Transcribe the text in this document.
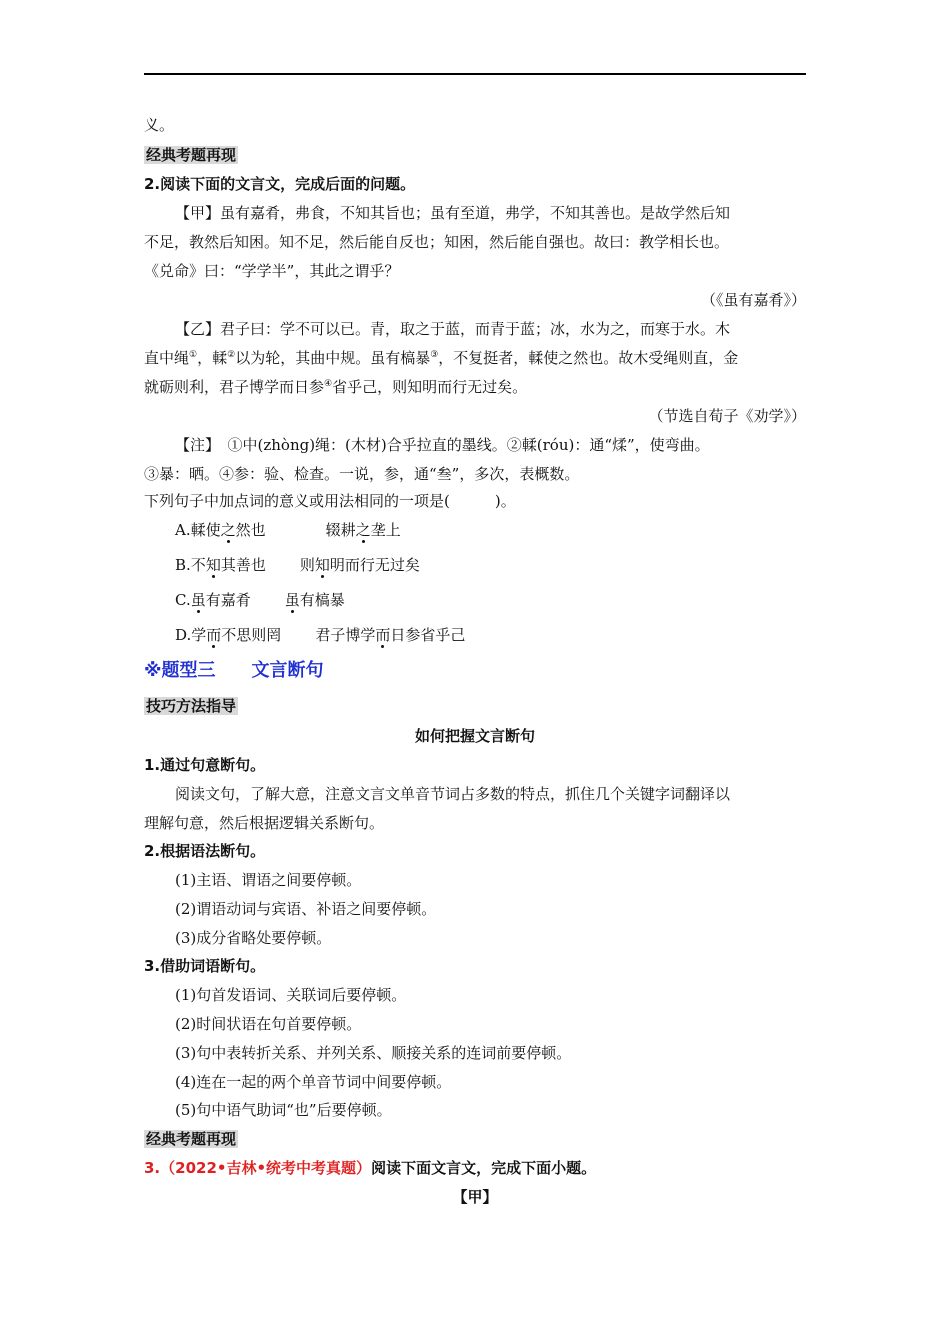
义。
经典考题再现
2.阅读下面的文言文，完成后面的问题。
【甲】虽有嘉肴，弗食，不知其旨也；虽有至道，弗学，不知其善也。是故学然后知
不足，教然后知困。知不足，然后能自反也；知困，然后能自强也。故曰：教学相长也。
《兑命》曰：“学学半”，其此之谓乎？
（《虽有嘉肴》）
【乙】君子曰：学不可以已。青，取之于蓝，而青于蓝；冰，水为之，而寒于水。木
直中绳①，輮②以为轮，其曲中规。虽有槁暴③，不复挺者，輮使之然也。故木受绳则直，金
就砺则利，君子博学而日参④省乎己，则知明而行无过矣。
（节选自荀子《劝学》）
【注】　①中(zhòng)绳：(木材)合乎拉直的墨线。②輮(róu)：通“煣”，使弯曲。
③暴：晒。④参：验、检查。一说，参，通“叁”，多次，表概数。
下列句子中加点词的意义或用法相同的一项是(　　　)。
A.輮使之然也	辍耕之垄上
B.不知其善也 则知明而行无过矣
C.虽有嘉肴 虽有槁暴
D.学而不思则罔 君子博学而日参省乎己
※题型三　　文言断句
技巧方法指导
如何把握文言断句
1.通过句意断句。
阅读文句，了解大意，注意文言文单音节词占多数的特点，抓住几个关键字词翻译以
理解句意，然后根据逻辑关系断句。
2.根据语法断句。
(1)主语、谓语之间要停顿。
(2)谓语动词与宾语、补语之间要停顿。
(3)成分省略处要停顿。
3.借助词语断句。
(1)句首发语词、关联词后要停顿。
(2)时间状语在句首要停顿。
(3)句中表转折关系、并列关系、顺接关系的连词前要停顿。
(4)连在一起的两个单音节词中间要停顿。
(5)句中语气助词“也”后要停顿。
经典考题再现
3.（2022•吉林•统考中考真题）阅读下面文言文，完成下面小题。
【甲】
